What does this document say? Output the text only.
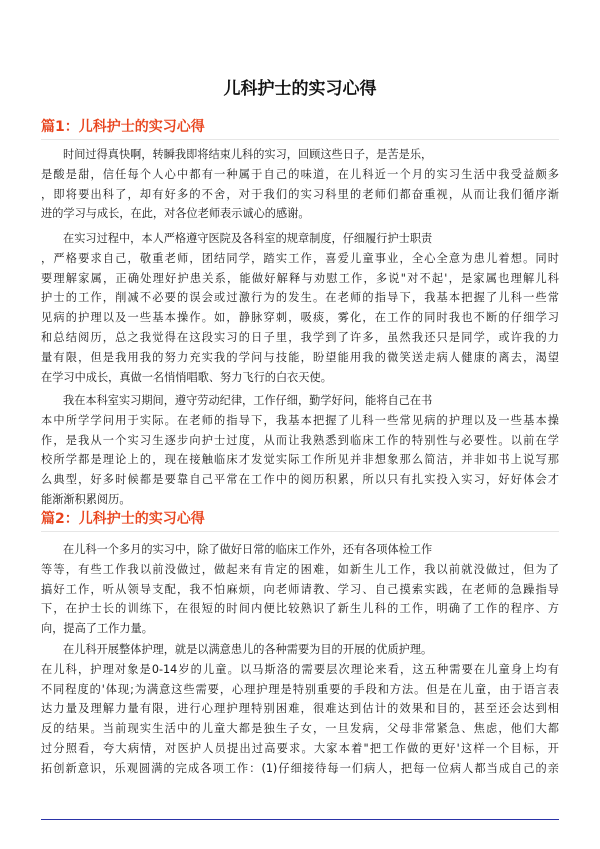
儿科护士的实习心得
篇1：儿科护士的实习心得
时间过得真快啊，转瞬我即将结束儿科的实习，回顾这些日子，是苦是乐，
是酸是甜，信任每个人心中都有一种属于自己的味道，在儿科近一个月的实习生活中我受益颇多
，即将要出科了，却有好多的不舍，对于我们的实习科里的老师们都奋重视，从而让我们循序渐
进的学习与成长，在此，对各位老师表示诚心的感谢。
在实习过程中，本人严格遵守医院及各科室的规章制度，仔细履行护士职责
，严格要求自己，敬重老师，团结同学，踏实工作，喜爱儿童事业，全心全意为患儿着想。同时
要理解家属，正确处理好护患关系，能做好解释与劝慰工作，多说"对不起'，是家属也理解儿科
护士的工作，削减不必要的误会或过激行为的发生。在老师的指导下，我基本把握了儿科一些常
见病的护理以及一些基本操作。如，静脉穿刺，吸痰，雾化，在工作的同时我也不断的仔细学习
和总结阅历，总之我觉得在这段实习的日子里，我学到了许多，虽然我还只是同学，或许我的力
量有限，但是我用我的努力充实我的学问与技能，盼望能用我的微笑送走病人健康的离去，渴望
在学习中成长，真做一名悄悄唱歌、努力飞行的白衣天使。
我在本科室实习期间，遵守劳动纪律，工作仔细，勤学好问，能将自己在书
本中所学学问用于实际。在老师的指导下，我基本把握了儿科一些常见病的护理以及一些基本操
作，是我从一个实习生逐步向护士过度，从而让我熟悉到临床工作的特别性与必要性。以前在学
校所学都是理论上的，现在接触临床才发觉实际工作所见并非想象那么简洁，并非如书上说写那
么典型，好多时候都是要靠自己平常在工作中的阅历积累，所以只有扎实投入实习，好好体会才
能渐渐积累阅历。
篇2：儿科护士的实习心得
在儿科一个多月的实习中，除了做好日常的临床工作外，还有各项体检工作
等等，有些工作我以前没做过，做起来有肯定的困难，如新生儿工作，我以前就没做过，但为了
搞好工作，听从领导支配，我不怕麻烦，向老师请教、学习、自己摸索实践，在老师的急躁指导
下，在护士长的训练下，在很短的时间内便比较熟识了新生儿科的工作，明确了工作的程序、方
向，提高了工作力量。
在儿科开展整体护理，就是以满意患儿的各种需要为目的开展的优质护理。
在儿科，护理对象是0-14岁的儿童。以马斯洛的需要层次理论来看，这五种需要在儿童身上均有
不同程度的'体现;为满意这些需要，心理护理是特别重要的手段和方法。但是在儿童，由于语言表
达力量及理解力量有限，进行心理护理特别困难，很难达到估计的效果和目的，甚至还会达到相
反的结果。当前现实生活中的儿童大都是独生子女，一旦发病，父母非常紧急、焦虑，他们大都
过分照看，夸大病情，对医护人员提出过高要求。大家本着"把工作做的更好'这样一个目标，开
拓创新意识，乐观圆满的完成各项工作：(1)仔细接待每一们病人，把每一位病人都当成自己的亲
